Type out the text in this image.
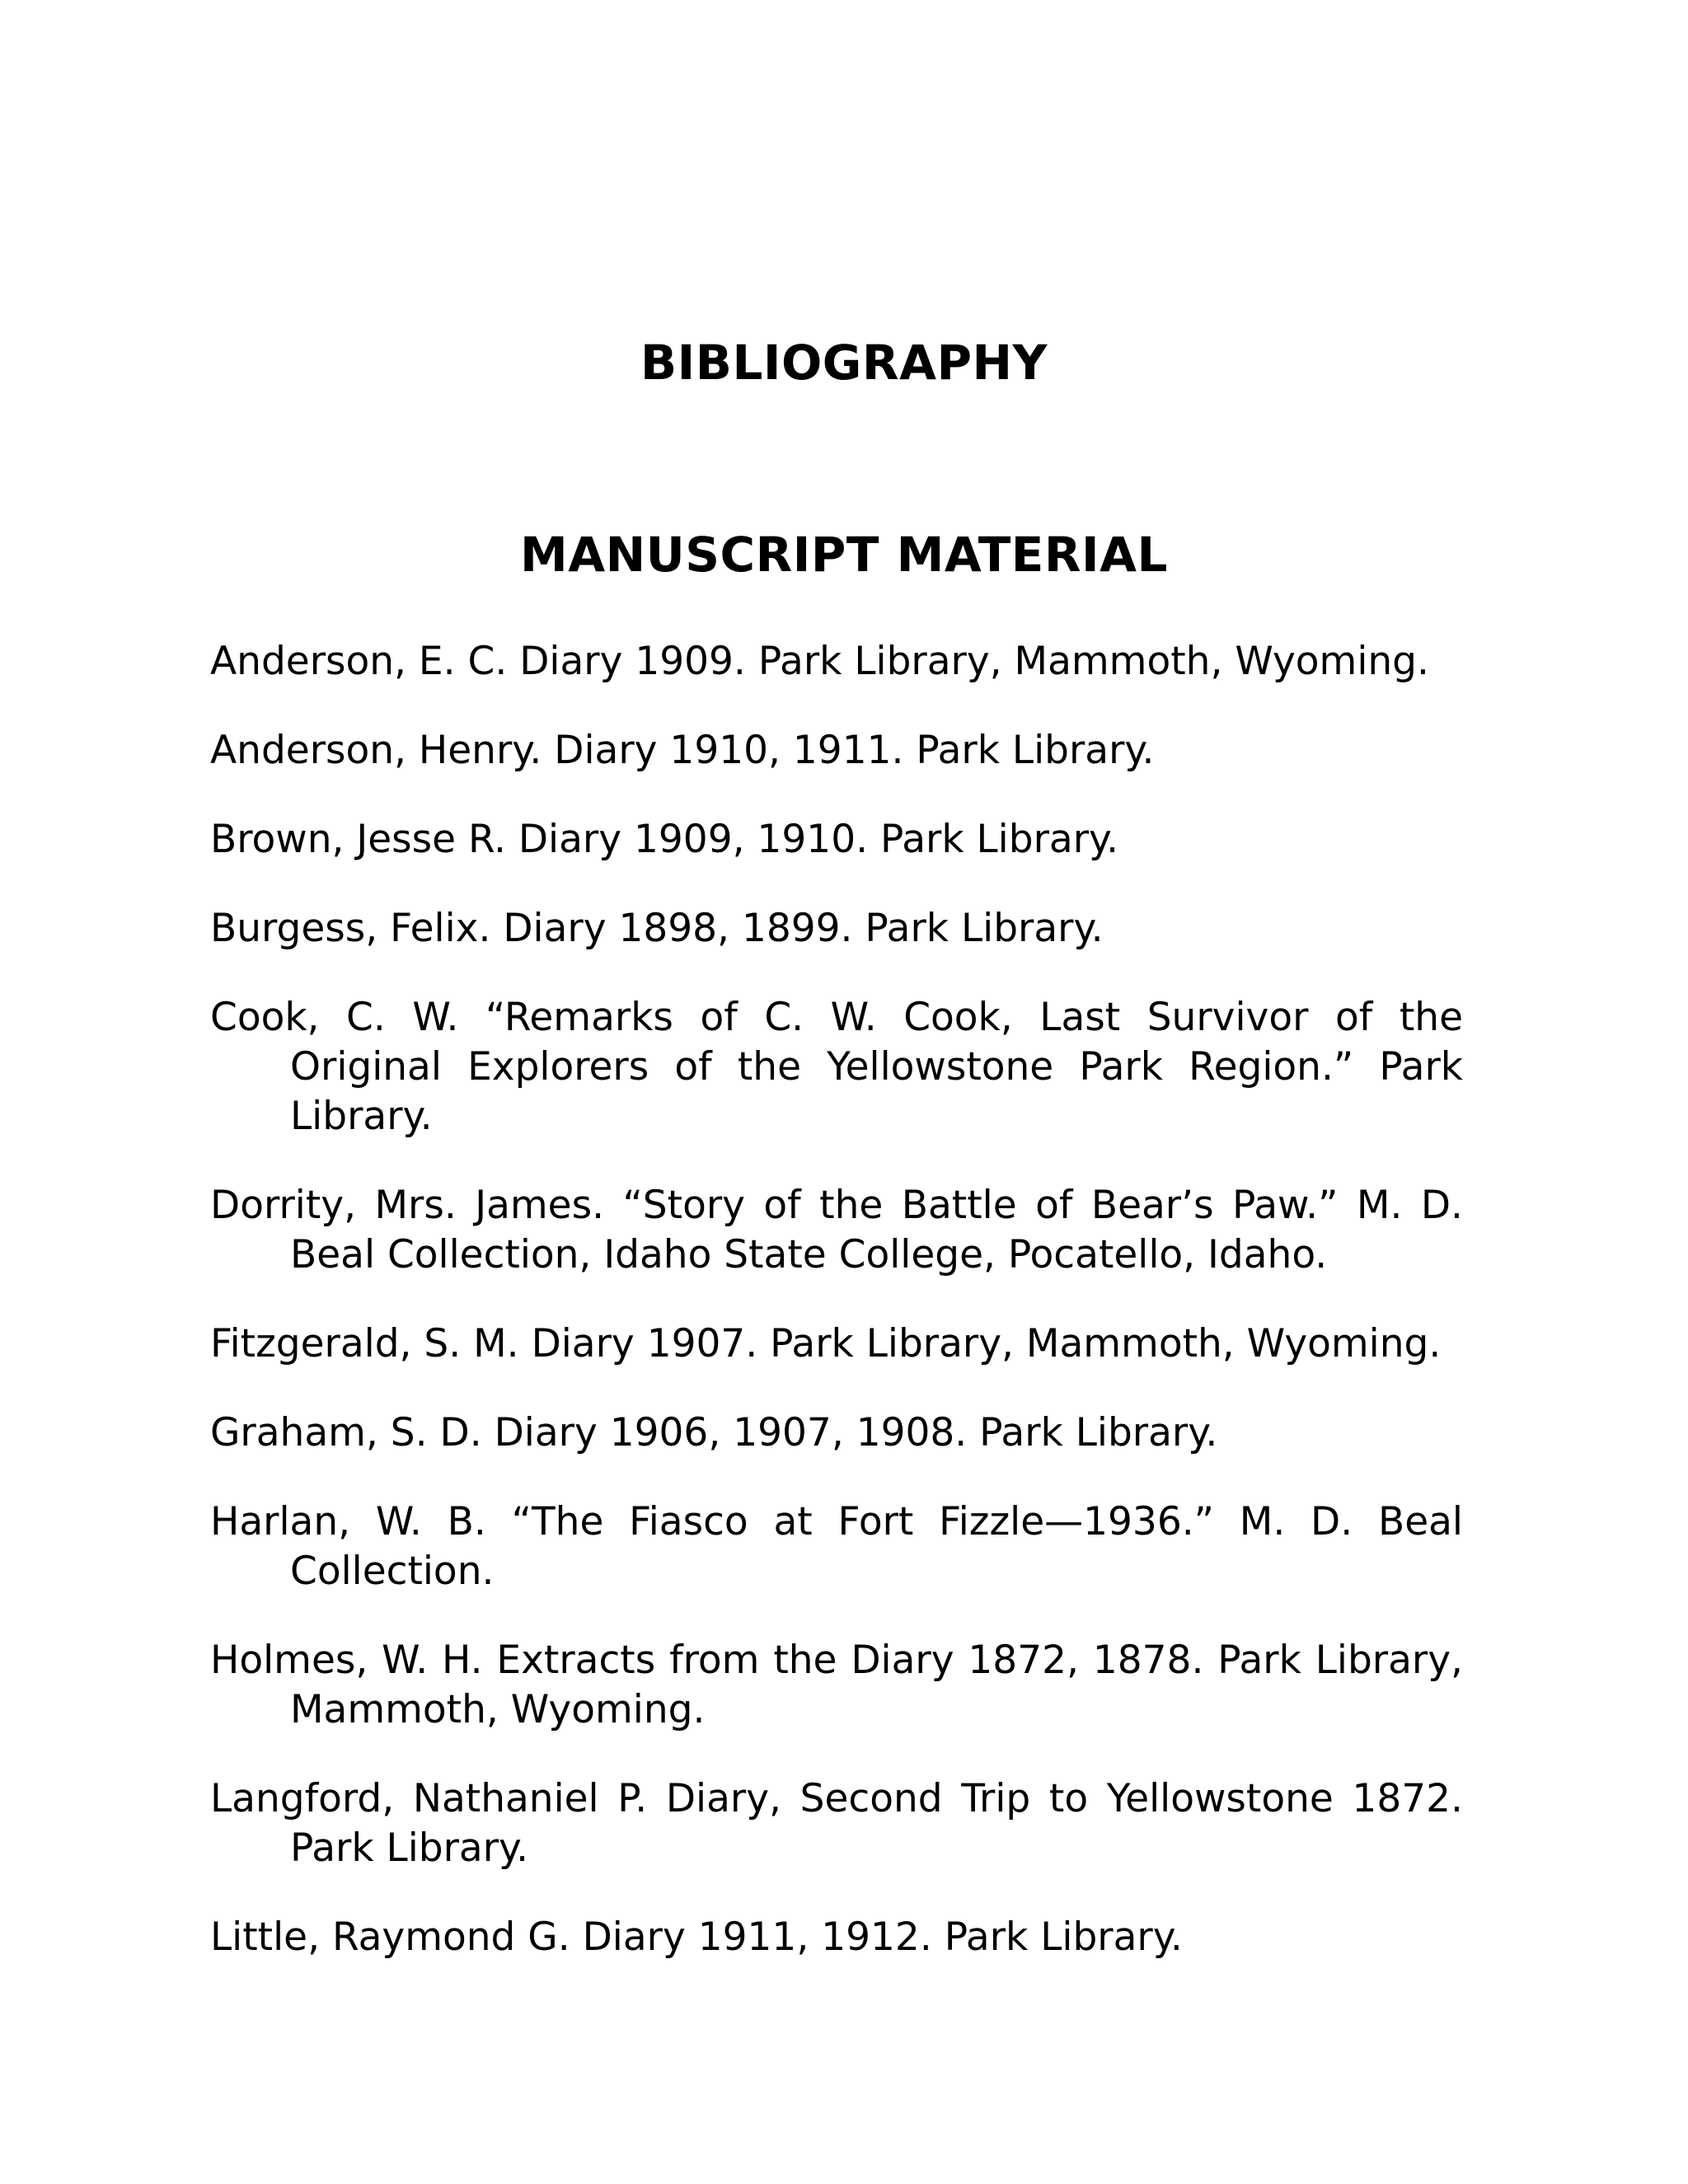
BIBLIOGRAPHY
MANUSCRIPT MATERIAL
Anderson, E. C. Diary 1909. Park Library, Mammoth, Wyoming.
Anderson, Henry. Diary 1910, 1911. Park Library.
Brown, Jesse R. Diary 1909, 1910. Park Library.
Burgess, Felix. Diary 1898, 1899. Park Library.
Cook, C. W. “Remarks of C. W. Cook, Last Survivor of the Original Explorers of the Yellowstone Park Region.” Park Library.
Dorrity, Mrs. James. “Story of the Battle of Bear’s Paw.” M. D. Beal Collection, Idaho State College, Pocatello, Idaho.
Fitzgerald, S. M. Diary 1907. Park Library, Mammoth, Wyoming.
Graham, S. D. Diary 1906, 1907, 1908. Park Library.
Harlan, W. B. “The Fiasco at Fort Fizzle—1936.” M. D. Beal Collection.
Holmes, W. H. Extracts from the Diary 1872, 1878. Park Library, Mammoth, Wyoming.
Langford, Nathaniel P. Diary, Second Trip to Yellowstone 1872. Park Library.
Little, Raymond G. Diary 1911, 1912. Park Library.
